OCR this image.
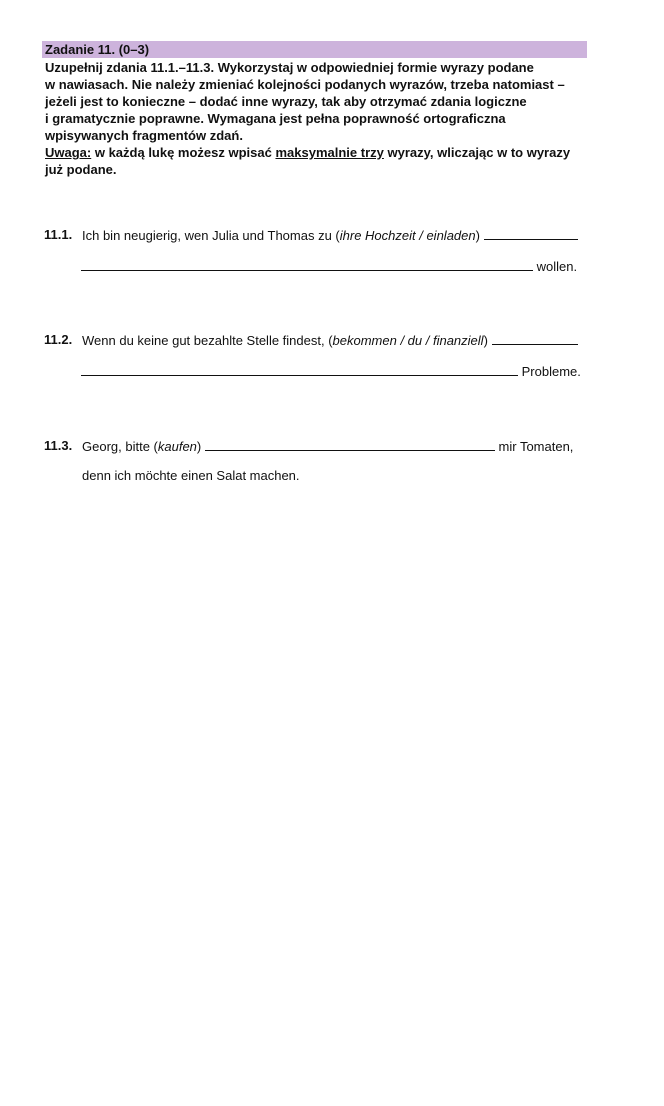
Zadanie 11. (0–3)
Uzupełnij zdania 11.1.–11.3. Wykorzystaj w odpowiedniej formie wyrazy podane
w nawiasach. Nie należy zmieniać kolejności podanych wyrazów, trzeba natomiast –
jeżeli jest to konieczne – dodać inne wyrazy, tak aby otrzymać zdania logiczne
i gramatycznie poprawne. Wymagana jest pełna poprawność ortograficzna
wpisywanych fragmentów zdań.
Uwaga: w każdą lukę możesz wpisać maksymalnie trzy wyrazy, wliczając w to wyrazy
już podane.
11.1. Ich bin neugierig, wen Julia und Thomas zu (ihre Hochzeit / einladen)
wollen.
11.2. Wenn du keine gut bezahlte Stelle findest, (bekommen / du / finanziell)
Probleme.
11.3. Georg, bitte (kaufen)	mir Tomaten,
denn ich möchte einen Salat machen.
